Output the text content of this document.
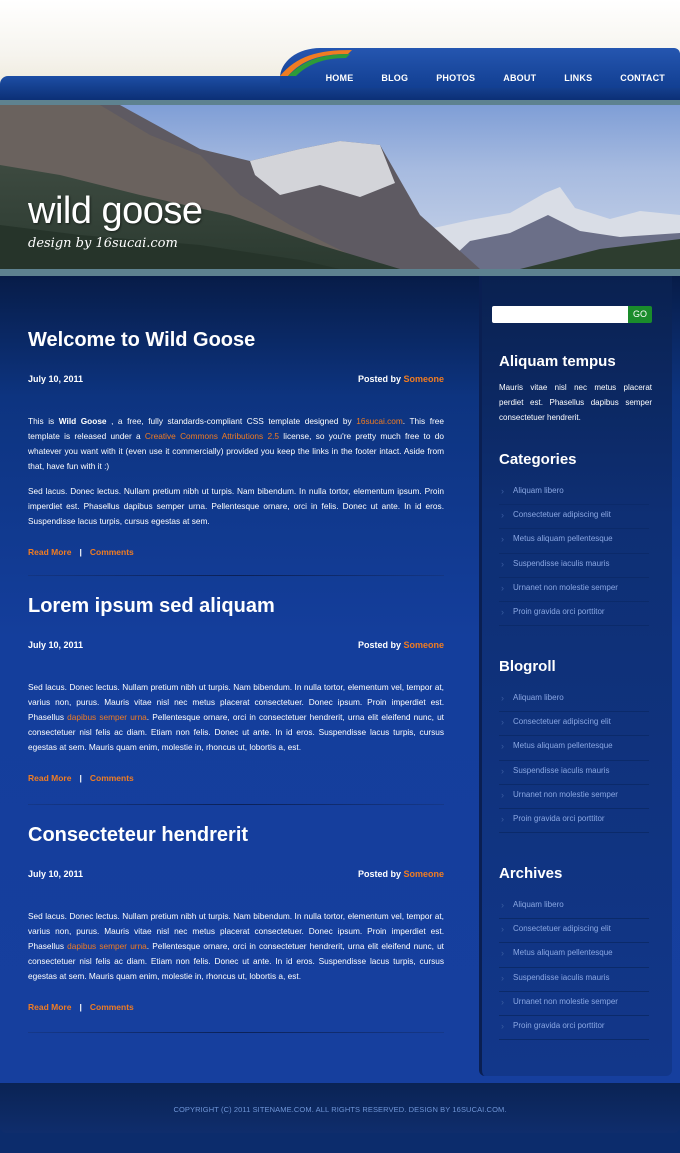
HOME	BLOG	PHOTOS	ABOUT	LINKS	CONTACT
wild goose
design by 16sucai.com
Welcome to Wild Goose
July 10, 2011	Posted by Someone

This is Wild Goose , a free, fully standards-compliant CSS template designed by 16sucai.com. This free template is released under a Creative Commons Attributions 2.5 license, so you're pretty much free to do whatever you want with it (even use it commercially) provided you keep the links in the footer intact. Aside from that, have fun with it :)

Sed lacus. Donec lectus. Nullam pretium nibh ut turpis. Nam bibendum. In nulla tortor, elementum ipsum. Proin imperdiet est. Phasellus dapibus semper urna. Pellentesque ornare, orci in felis. Donec ut ante. In id eros. Suspendisse lacus turpis, cursus egestas at sem.

Read More | Comments
Lorem ipsum sed aliquam
July 10, 2011	Posted by Someone

Sed lacus. Donec lectus. Nullam pretium nibh ut turpis. Nam bibendum. In nulla tortor, elementum vel, tempor at, varius non, purus. Mauris vitae nisl nec metus placerat consectetuer. Donec ipsum. Proin imperdiet est. Phasellus dapibus semper urna. Pellentesque ornare, orci in consectetuer hendrerit, urna elit eleifend nunc, ut consectetuer nisl felis ac diam. Etiam non felis. Donec ut ante. In id eros. Suspendisse lacus turpis, cursus egestas at sem. Mauris quam enim, molestie in, rhoncus ut, lobortis a, est.

Read More | Comments
Consecteteur hendrerit
July 10, 2011	Posted by Someone

Sed lacus. Donec lectus. Nullam pretium nibh ut turpis. Nam bibendum. In nulla tortor, elementum vel, tempor at, varius non, purus. Mauris vitae nisl nec metus placerat consectetuer. Donec ipsum. Proin imperdiet est. Phasellus dapibus semper urna. Pellentesque ornare, orci in consectetuer hendrerit, urna elit eleifend nunc, ut consectetuer nisl felis ac diam. Etiam non felis. Donec ut ante. In id eros. Suspendisse lacus turpis, cursus egestas at sem. Mauris quam enim, molestie in, rhoncus ut, lobortis a, est.

Read More | Comments
GO
Aliquam tempus

Mauris vitae nisl nec metus placerat perdiet est. Phasellus dapibus semper consectetuer hendrerit.

Categories
› Aliquam libero
› Consectetuer adipiscing elit
› Metus aliquam pellentesque
› Suspendisse iaculis mauris
› Urnanet non molestie semper
› Proin gravida orci porttitor
Blogroll
› Aliquam libero
› Consectetuer adipiscing elit
› Metus aliquam pellentesque
› Suspendisse iaculis mauris
› Urnanet non molestie semper
› Proin gravida orci porttitor
Archives
› Aliquam libero
› Consectetuer adipiscing elit
› Metus aliquam pellentesque
› Suspendisse iaculis mauris
› Urnanet non molestie semper
› Proin gravida orci porttitor
COPYRIGHT (C) 2011 SITENAME.COM. ALL RIGHTS RESERVED. DESIGN BY 16SUCAI.COM.
